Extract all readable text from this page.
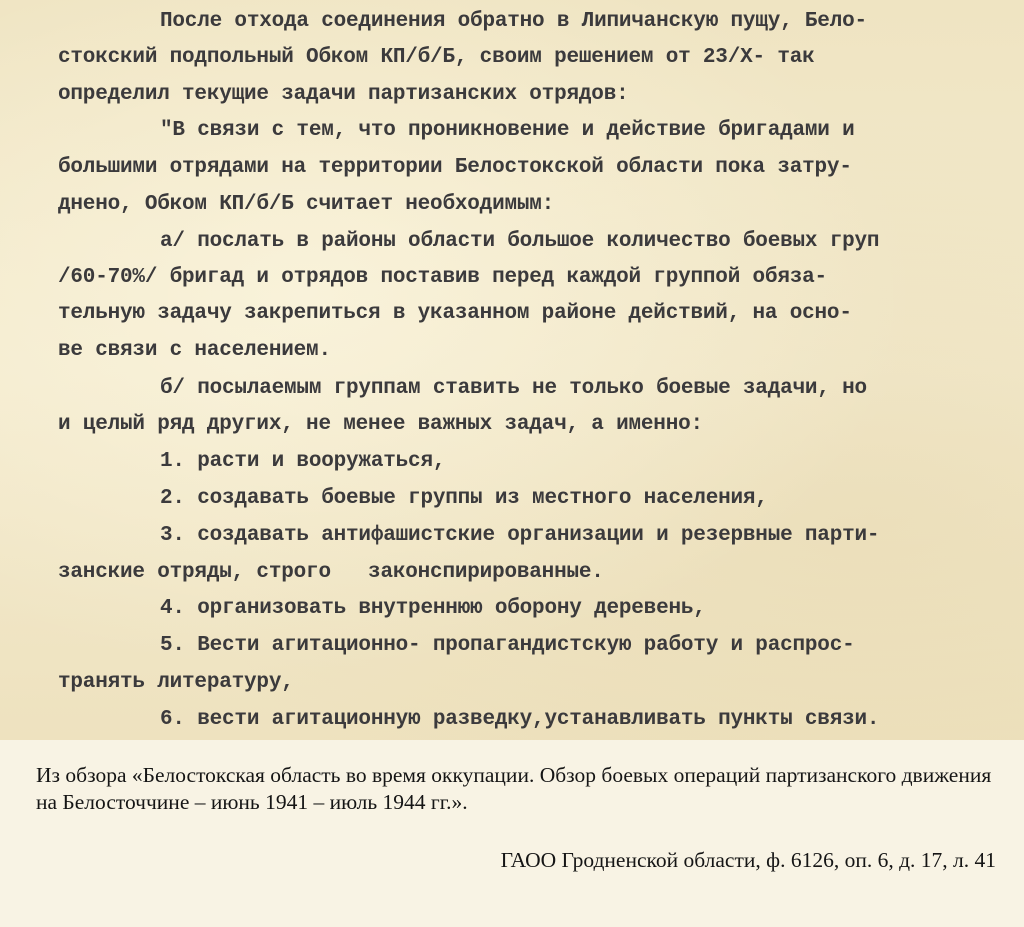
После отхода соединения обратно в Липичанскую пущу, Бело-
стокский подпольный Обком КП/б/Б, своим решением от 23/Х- так
определил текущие задачи партизанских отрядов:
"В связи с тем, что проникновение и действие бригадами и
большими отрядами на территории Белостокской области пока затру-
днено, Обком КП/б/Б считает необходимым:
а/ послать в районы области большое количество боевых груп
/60-70%/ бригад и отрядов поставив перед каждой группой обяза-
тельную задачу закрепиться в указанном районе действий, на осно-
ве связи с населением.
б/ посылаемым группам ставить не только боевые задачи, но
и целый ряд других, не менее важных задач, а именно:
1. расти и вооружаться,
2. создавать боевые группы из местного населения,
3. создавать антифашистские организации и резервные парти-
занские отряды, строго   законспирированные.
4. организовать внутреннюю оборону деревень,
5. Вести агитационно- пропагандистскую работу и распрос-
транять литературу,
6. вести агитационную разведку,устанавливать пункты связи.

Из обзора «Белостокская область во время оккупации. Обзор боевых операций партизанского движения на Белосточчине – июнь 1941 – июль 1944 гг.».

ГАОО Гродненской области, ф. 6126, оп. 6, д. 17, л. 41
